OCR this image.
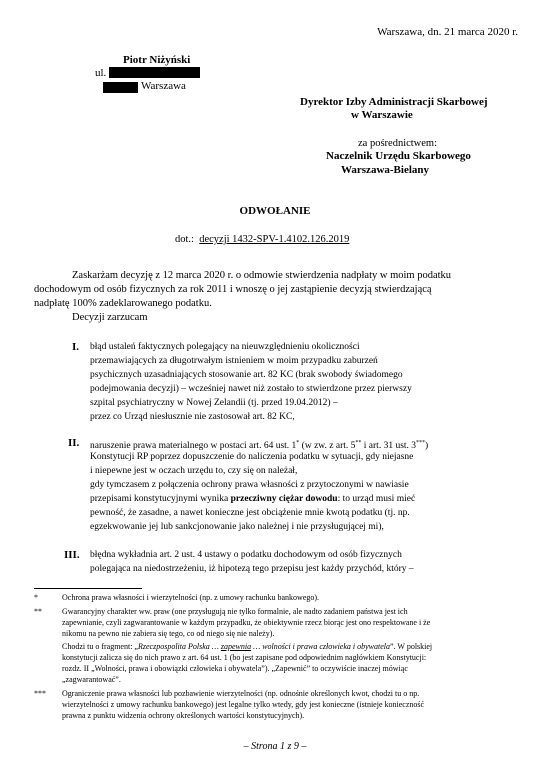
Warszawa, dn. 21 marca 2020 r.
Piotr Niżyński
ul.
Warszawa
Dyrektor Izby Administracji Skarbowej
w Warszawie
za pośrednictwem:
Naczelnik Urzędu Skarbowego
Warszawa-Bielany
ODWOŁANIE
dot.: decyzji 1432-SPV-1.4102.126.2019
Zaskarżam decyzję z 12 marca 2020 r. o odmowie stwierdzenia nadpłaty w moim podatku
dochodowym od osób fizycznych za rok 2011 i wnoszę o jej zastąpienie decyzją stwierdzającą
nadpłatę 100% zadeklarowanego podatku.
Decyzji zarzucam
I. błąd ustaleń faktycznych polegający na nieuwzględnieniu okoliczności
przemawiających za długotrwałym istnieniem w moim przypadku zaburzeń
psychicznych uzasadniających stosowanie art. 82 KC (brak swobody świadomego
podejmowania decyzji) – wcześniej nawet niż zostało to stwierdzone przez pierwszy
szpital psychiatryczny w Nowej Zelandii (tj. przed 19.04.2012) –
przez co Urząd niesłusznie nie zastosował art. 82 KC,
II. naruszenie prawa materialnego w postaci art. 64 ust. 1* (w zw. z art. 5** i art. 31 ust. 3***)
Konstytucji RP poprzez dopuszczenie do naliczenia podatku w sytuacji, gdy niejasne
i niepewne jest w oczach urzędu to, czy się on należał,
gdy tymczasem z połączenia ochrony prawa własności z przytoczonymi w nawiasie
przepisami konstytucyjnymi wynika przecziwny ciężar dowodu: to urząd musi mieć
pewność, że zasadne, a nawet konieczne jest obciążenie mnie kwotą podatku (tj. np.
egzekwowanie jej lub sankcjonowanie jako należnej i nie przysługującej mi),
III. błędna wykładnia art. 2 ust. 4 ustawy o podatku dochodowym od osób fizycznych
polegająca na niedostrzeżeniu, iż hipotezą tego przepisu jest każdy przychód, który –
*	Ochrona prawa własności i wierzytelności (np. z umowy rachunku bankowego).
**	Gwarancyjny charakter ww. praw (one przysługują nie tylko formalnie, ale nadto zadaniem państwa jest ich
zapewnianie, czyli zagwarantowanie w każdym przypadku, że obiektywnie rzecz biorąc jest ono respektowane i że
nikomu na pewno nie zabiera się tego, co od niego się nie należy).
Chodzi tu o fragment: „Rzeczpospolita Polska … zapewnia … wolności i prawa człowieka i obywatela”. W polskiej
konstytucji zalicza się do nich prawo z art. 64 ust. 1 (bo jest zapisane pod odpowiednim nagłówkiem Konstytucji:
rozdz. II „Wolności, prawa i obowiązki człowieka i obywatela”). „Zapewnić” to oczywiście inaczej mówiąc
„zagwarantować”.
*** Ograniczenie prawa własności lub pozbawienie wierzytelności (np. odnośnie określonych kwot, chodzi tu o np.
wierzytelności z umowy rachunku bankowego) jest legalne tylko wtedy, gdy jest konieczne (istnieje konieczność
prawna z punktu widzenia ochrony określonych wartości konstytucyjnych).
– Strona 1 z 9 –
